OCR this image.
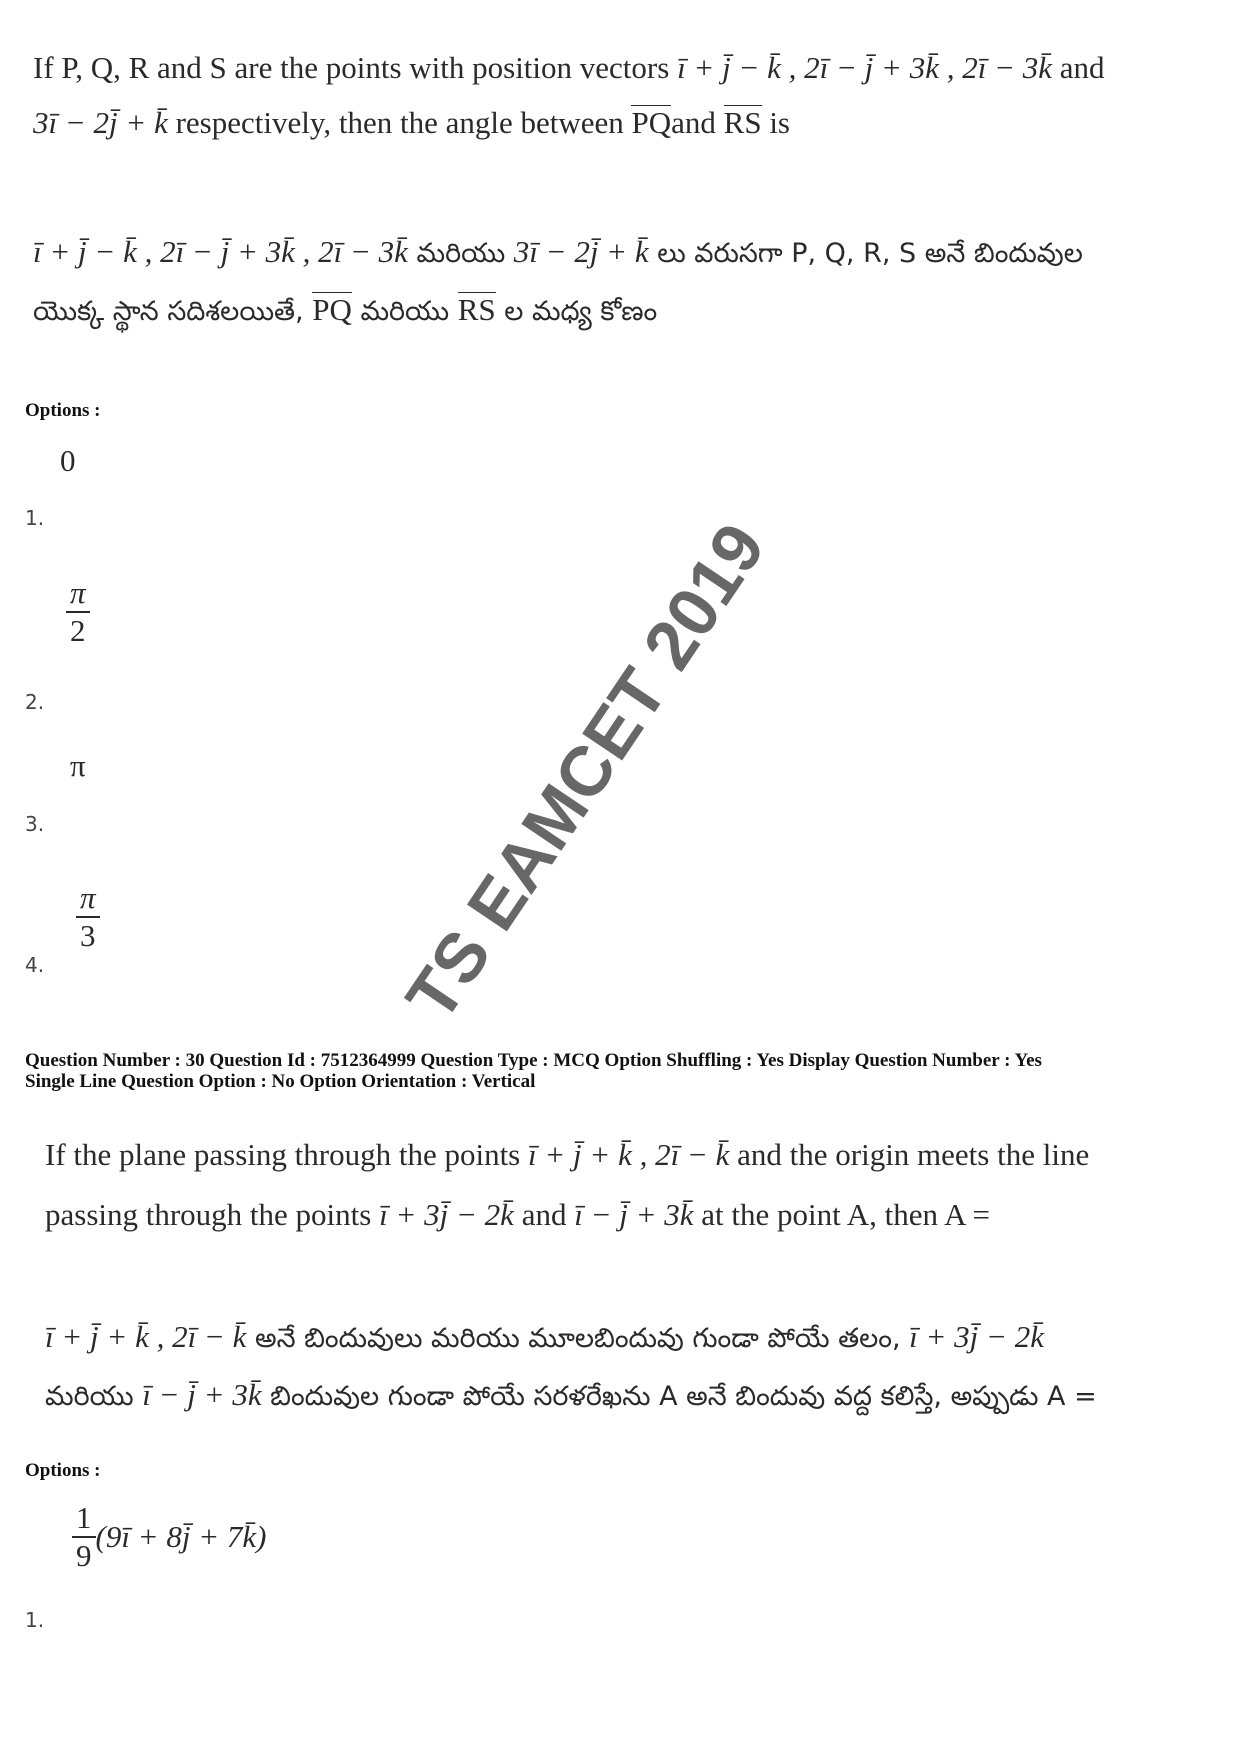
If P, Q, R and S are the points with position vectors ī + j̄ − k̄ , 2ī − j̄ + 3k̄ , 2ī − 3k̄ and
3ī − 2j̄ + k̄ respectively, then the angle between PQand RS is
ī + j̄ − k̄ , 2ī − j̄ + 3k̄ , 2ī − 3k̄ మరియు 3ī − 2j̄ + k̄ లు వరుసగా P, Q, R, S అనే బిందువుల
యొక్క స్థాన సదిశలయితే, PQ మరియు RS ల మధ్య కోణం
Options :
0
1.
$\frac{\pi}{2}$
2.
π
3.
$\frac{\pi}{3}$
4.
Question Number : 30 Question Id : 7512364999 Question Type : MCQ Option Shuffling : Yes Display Question Number : Yes
Single Line Question Option : No Option Orientation : Vertical
If the plane passing through the points ī + j̄ + k̄ , 2ī − k̄ and the origin meets the line
passing through the points ī + 3j̄ − 2k̄ and ī − j̄ + 3k̄ at the point A, then A =
ī + j̄ + k̄ , 2ī − k̄ అనే బిందువులు మరియు మూలబిందువు గుండా పోయే తలం, ī + 3j̄ − 2k̄
మరియు ī − j̄ + 3k̄ బిందువుల గుండా పోయే సరళరేఖను A అనే బిందువు వద్ద కలిస్తే, అప్పుడు A =
Options :
$\frac{1}{9}$ (9ī + 8j̄ + 7k̄)
1.
TS EAMCET 2019
